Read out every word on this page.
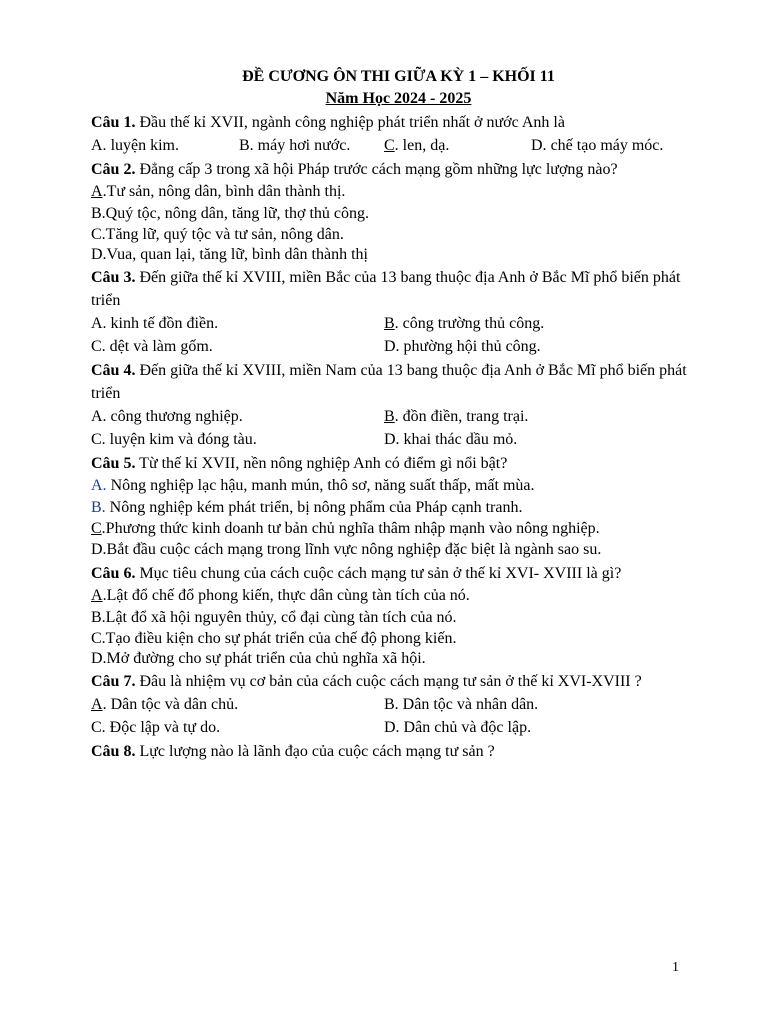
ĐỀ CƯƠNG ÔN THI GIỮA KỲ 1 – KHỐI 11
Năm Học 2024 - 2025
Câu 1. Đầu thế kỉ XVII, ngành công nghiệp phát triển nhất ở nước Anh là
A. luyện kim.	B. máy hơi nước.	C. len, dạ.	D. chế tạo máy móc.
Câu 2. Đẳng cấp 3 trong xã hội Pháp trước cách mạng gồm những lực lượng nào?
A.Tư sản, nông dân, bình dân thành thị.
B.Quý tộc, nông dân, tăng lữ, thợ thủ công.
C.Tăng lữ, quý tộc và tư sản, nông dân.
D.Vua, quan lại, tăng lữ, bình dân thành thị
Câu 3. Đến giữa thế kỉ XVIII, miền Bắc của 13 bang thuộc địa Anh ở Bắc Mĩ phổ biến phát triển
A. kinh tế đồn điền.	B. công trường thủ công.
C. dệt và làm gốm.	D. phường hội thủ công.
Câu 4. Đến giữa thế kỉ XVIII, miền Nam của 13 bang thuộc địa Anh ở Bắc Mĩ phổ biến phát triển
A. công thương nghiệp.	B. đồn điền, trang trại.
C. luyện kim và đóng tàu.	D. khai thác dầu mỏ.
Câu 5. Từ thế kỉ XVII, nền nông nghiệp Anh có điểm gì nổi bật?
A. Nông nghiệp lạc hậu, manh mún, thô sơ, năng suất thấp, mất mùa.
B. Nông nghiệp kém phát triển, bị nông phẩm của Pháp cạnh tranh.
C.Phương thức kinh doanh tư bản chủ nghĩa thâm nhập mạnh vào nông nghiệp.
D.Bắt đầu cuộc cách mạng trong lĩnh vực nông nghiệp đặc biệt là ngành sao su.
Câu 6. Mục tiêu chung của cách cuộc cách mạng tư sản ở thế kỉ XVI- XVIII là gì?
A.Lật đổ chế đổ phong kiến, thực dân cùng tàn tích của nó.
B.Lật đổ xã hội nguyên thủy, cổ đại cùng tàn tích của nó.
C.Tạo điều kiện cho sự phát triển của chế độ phong kiến.
D.Mở đường cho sự phát triển của chủ nghĩa xã hội.
Câu 7. Đâu là nhiệm vụ cơ bản của cách cuộc cách mạng tư sản ở thế kỉ XVI-XVIII ?
A. Dân tộc và dân chủ.	B. Dân tộc và nhân dân.
C. Độc lập và tự do.	D. Dân chủ và độc lập.
Câu 8. Lực lượng nào là lãnh đạo của cuộc cách mạng tư sản ?
1
